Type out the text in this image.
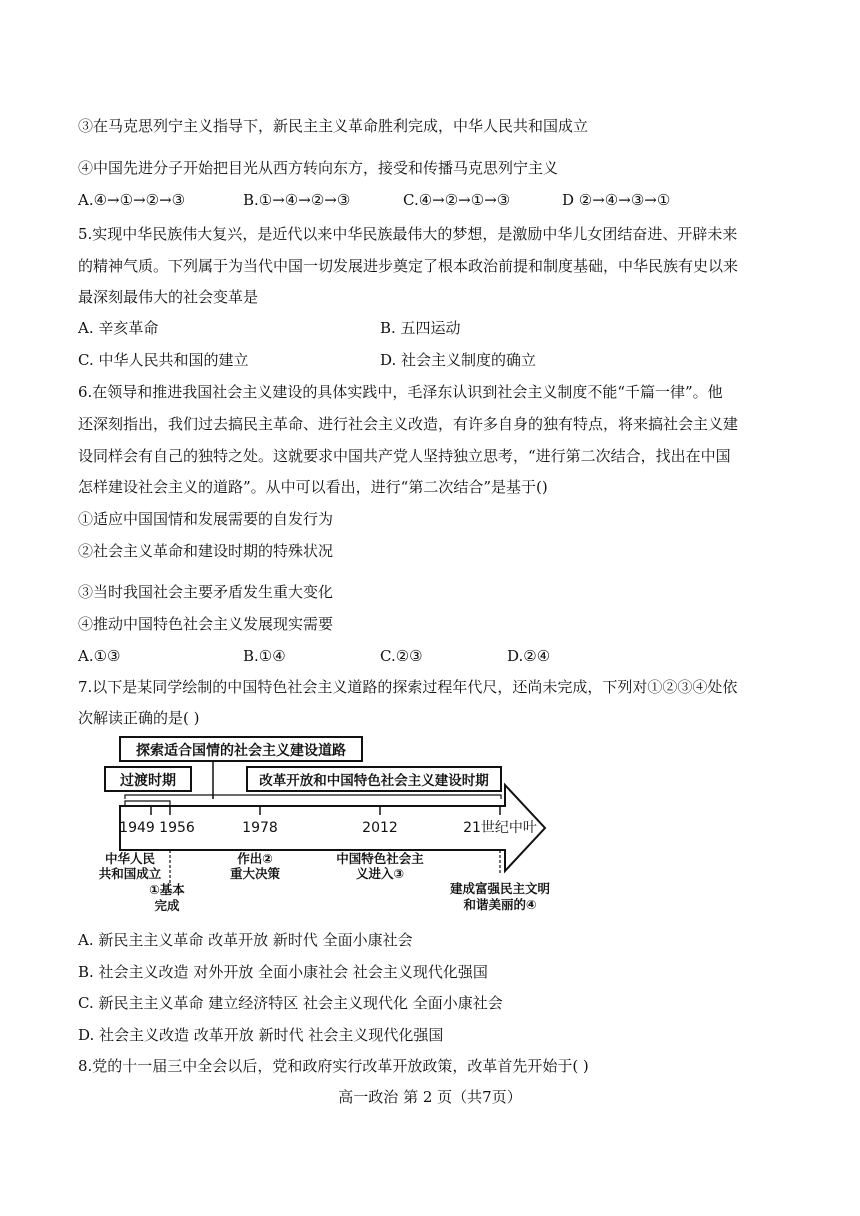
③在马克思列宁主义指导下，新民主主义革命胜利完成，中华人民共和国成立
④中国先进分子开始把目光从西方转向东方，接受和传播马克思列宁主义
A.④→①→②→③	B.①→④→②→③	C.④→②→①→③	D ②→④→③→①
5.实现中华民族伟大复兴，是近代以来中华民族最伟大的梦想，是激励中华儿女团结奋进、开辟未来
的精神气质。下列属于为当代中国一切发展进步奠定了根本政治前提和制度基础，中华民族有史以来
最深刻最伟大的社会变革是
A. 辛亥革命	B. 五四运动
C. 中华人民共和国的建立	D. 社会主义制度的确立
6.在领导和推进我国社会主义建设的具体实践中，毛泽东认识到社会主义制度不能“千篇一律”。他
还深刻指出，我们过去搞民主革命、进行社会主义改造，有许多自身的独有特点，将来搞社会主义建
设同样会有自己的独特之处。这就要求中国共产党人坚持独立思考，“进行第二次结合，找出在中国
怎样建设社会主义的道路”。从中可以看出，进行“第二次结合”是基于()
①适应中国国情和发展需要的自发行为
②社会主义革命和建设时期的特殊状况
③当时我国社会主要矛盾发生重大变化
④推动中国特色社会主义发展现实需要
A.①③	B.①④	C.②③	D.②④
7.以下是某同学绘制的中国特色社会主义道路的探索过程年代尺，还尚未完成，下列对①②③④处依
次解读正确的是( )
探索适合国情的社会主义建设道路
过渡时期	改革开放和中国特色社会主义建设时期
1949 1956	1978	2012	21世纪中叶
中华人民
共和国成立
①基本
完成
作出②
重大决策
中国特色社会主
义进入③
建成富强民主文明
和谐美丽的④
A. 新民主主义革命 改革开放 新时代 全面小康社会
B. 社会主义改造 对外开放 全面小康社会 社会主义现代化强国
C. 新民主主义革命 建立经济特区 社会主义现代化 全面小康社会
D. 社会主义改造 改革开放 新时代 社会主义现代化强国
8.党的十一届三中全会以后，党和政府实行改革开放政策，改革首先开始于( )
高一政治 第 2 页（共7页）
